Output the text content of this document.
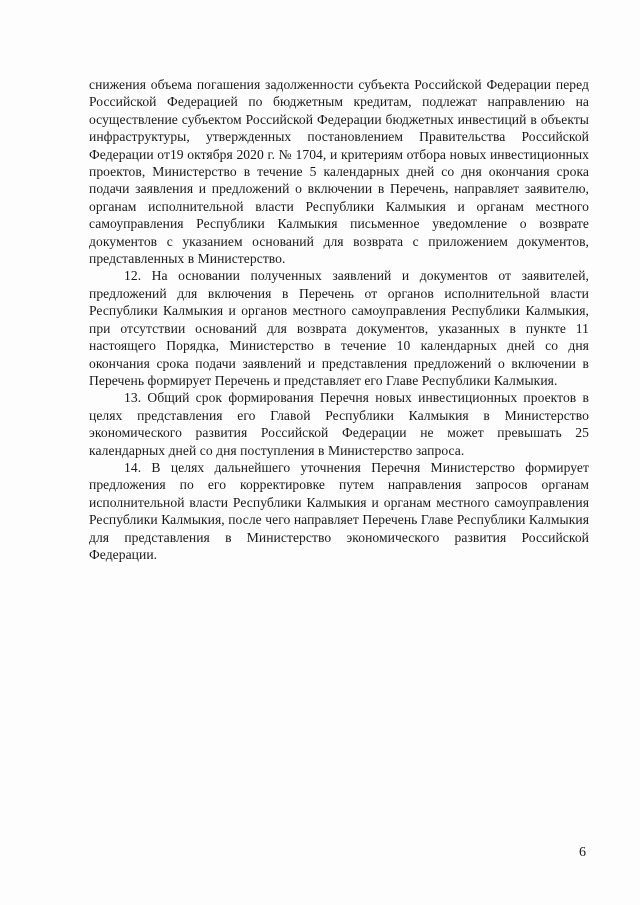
снижения объема погашения задолженности субъекта Российской Федерации перед Российской Федерацией по бюджетным кредитам, подлежат направлению на осуществление субъектом Российской Федерации бюджетных инвестиций в объекты инфраструктуры, утвержденных постановлением Правительства Российской Федерации от19 октября 2020 г. № 1704, и критериям отбора новых инвестиционных проектов, Министерство в течение 5 календарных дней со дня окончания срока подачи заявления и предложений о включении в Перечень, направляет заявителю, органам исполнительной власти Республики Калмыкия и органам местного самоуправления Республики Калмыкия письменное уведомление о возврате документов с указанием оснований для возврата с приложением документов, представленных в Министерство.

12. На основании полученных заявлений и документов от заявителей, предложений для включения в Перечень от органов исполнительной власти Республики Калмыкия и органов местного самоуправления Республики Калмыкия, при отсутствии оснований для возврата документов, указанных в пункте 11 настоящего Порядка, Министерство в течение 10 календарных дней со дня окончания срока подачи заявлений и представления предложений о включении в Перечень формирует Перечень и представляет его Главе Республики Калмыкия.

13. Общий срок формирования Перечня новых инвестиционных проектов в целях представления его Главой Республики Калмыкия в Министерство экономического развития Российской Федерации не может превышать 25 календарных дней со дня поступления в Министерство запроса.

14. В целях дальнейшего уточнения Перечня Министерство формирует предложения по его корректировке путем направления запросов органам исполнительной власти Республики Калмыкия и органам местного самоуправления Республики Калмыкия, после чего направляет Перечень Главе Республики Калмыкия для представления в Министерство экономического развития Российской Федерации.

6
